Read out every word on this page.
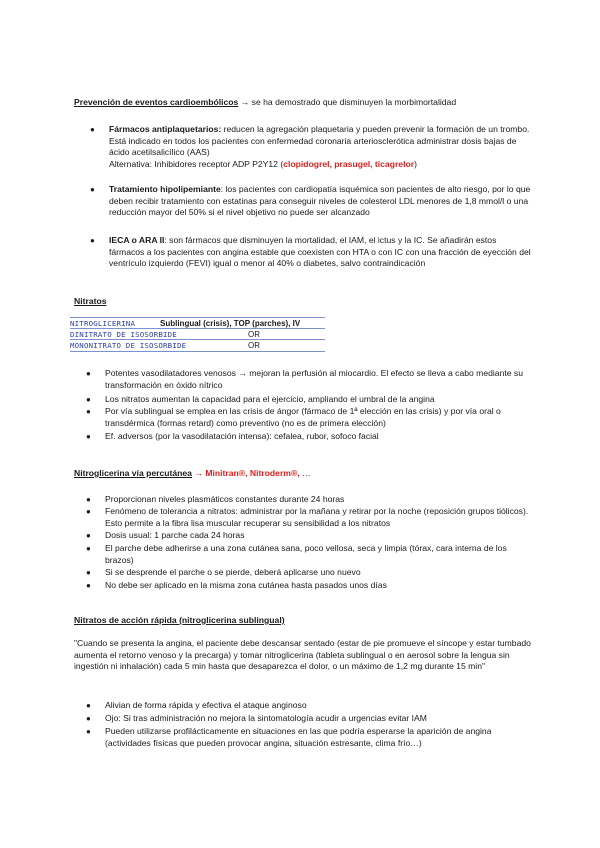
Prevención de eventos cardioembólicos → se ha demostrado que disminuyen la morbimortalidad
●	Fármacos antiplaquetarios: reducen la agregación plaquetaria y pueden prevenir la formación de un trombo. Está indicado en todos los pacientes con enfermedad coronaria arteriosclerótica administrar dosis bajas de ácido acetilsalicílico (AAS)
Alternativa: Inhibidores receptor ADP P2Y12 (clopidogrel, prasugel, ticagrelor)
●	Tratamiento hipolipemiante: los pacientes con cardiopatía isquémica son pacientes de alto riesgo, por lo que deben recibir tratamiento con estatinas para conseguir niveles de colesterol LDL menores de 1,8 mmol/l o una reducción mayor del 50% si el nivel objetivo no puede ser alcanzado
●	IECA o ARA II: son fármacos que disminuyen la mortalidad, el IAM, el ictus y la IC. Se añadirán estos fármacos a los pacientes con angina estable que coexisten con HTA o con IC con una fracción de eyección del ventrículo izquierdo (FEVI) igual o menor al 40% o diabetes, salvo contraindicación
Nitratos
NITROGLICERINA	Sublingual (crisis), TOP (parches), IV
DINITRATO DE ISOSORBIDE	OR
MONONITRATO DE ISOSORBIDE	OR
●	Potentes vasodilatadores venosos → mejoran la perfusión al miocardio. El efecto se lleva a cabo mediante su transformación en óxido nítrico
●	Los nitratos aumentan la capacidad para el ejercicio, ampliando el umbral de la angina
●	Por vía sublingual se emplea en las crisis de ángor (fármaco de 1ª elección en las crisis) y por vía oral o transdérmica (formas retard) como preventivo (no es de primera elección)
●	Ef. adversos (por la vasodilatación intensa): cefalea, rubor, sofoco facial
Nitroglicerina vía percutánea → Minitran®, Nitroderm®, …
●	Proporcionan niveles plasmáticos constantes durante 24 horas
●	Fenómeno de tolerancia a nitratos: administrar por la mañana y retirar por la noche (reposición grupos tiólicos). Esto permite a la fibra lisa muscular recuperar su sensibilidad a los nitratos
●	Dosis usual: 1 parche cada 24 horas
●	El parche debe adherirse a una zona cutánea sana, poco vellosa, seca y limpia (tórax, cara interna de los brazos)
●	Si se desprende el parche o se pierde, deberá aplicarse uno nuevo
●	No debe ser aplicado en la misma zona cutánea hasta pasados unos días
Nitratos de acción rápida (nitroglicerina sublingual)
"Cuando se presenta la angina, el paciente debe descansar sentado (estar de pie promueve el síncope y estar tumbado aumenta el retorno venoso y la precarga) y tomar nitroglicerina (tableta sublingual o en aerosol sobre la lengua sin ingestión ni inhalación) cada 5 min hasta que desaparezca el dolor, o un máximo de 1,2 mg durante 15 min"
●	Alivian de forma rápida y efectiva el ataque anginoso
●	Ojo: Si tras administración no mejora la sintomatología acudir a urgencias evitar IAM
●	Pueden utilizarse profilácticamente en situaciones en las que podría esperarse la aparición de angina (actividades físicas que pueden provocar angina, situación estresante, clima frío…)
